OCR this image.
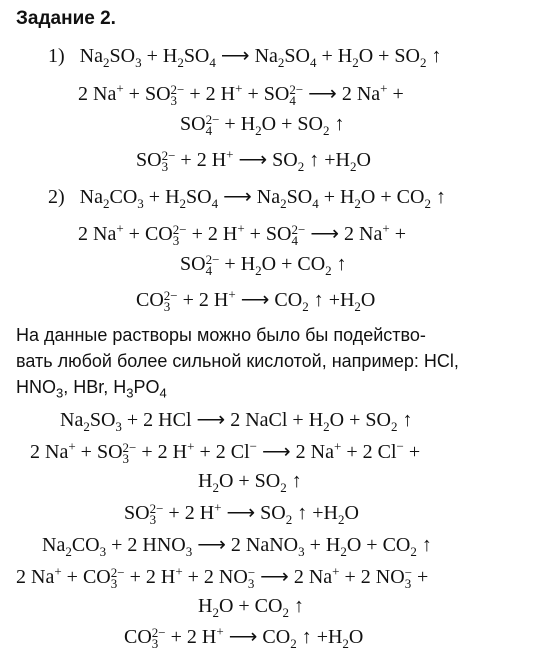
Задание 2.
1)   $Na_2SO_3 + H_2SO_4$ ⟶ $Na_2SO_4 + H_2O + SO_2$ ↑
2 Na+ + SO 2−
3 + 2 H+ + SO 2−
4 ⟶ 2 Na+ +
SO 2−
$4 + H_2O + SO_2$ ↑
SO 2−
3 + 2 H+ ⟶ $SO_2$ ↑ $+H_2O$
2)   $Na_2CO_3 + H_2SO_4$ ⟶ $Na_2SO_4 + H_2O + CO_2$ ↑
2 Na+ + CO 2−
3 + 2 H+ + SO 2−
4 ⟶ 2 Na+ +
SO 2−
$4 + H_2O + CO_2$ ↑
CO 2−
3 + 2 H+ ⟶ $CO_2$ ↑ $+H_2O$

На данные растворы можно было бы подейство-

вать любой более сильной кислотой, например: HCl,

$HNO_3$, HBr, $H_3PO_4$

$Na_2SO_3 + 2$ HCl ⟶ 2 NaCl + $H_2O + SO_2$ ↑
2 Na+ + SO 2−
3 + 2 H+ + 2 Cl− ⟶ 2 Na+ + 2 Cl− +
$H_2O + SO_2$ ↑
SO 2−
3 + 2 H+ ⟶ $SO_2$ ↑ $+H_2O$
$Na_2CO_3 + 2$ $HNO_3$ ⟶ 2 NaNO$_3$ + $H_2O + CO_2$ ↑
2 Na+ + CO 2−
3 + 2 H+ + 2 NO −
3 ⟶ 2 Na+ + 2 NO −
3 +
$H_2O + CO_2$ ↑
CO 2−
3 + 2 H+ ⟶ $CO_2$ ↑ $+H_2O$
